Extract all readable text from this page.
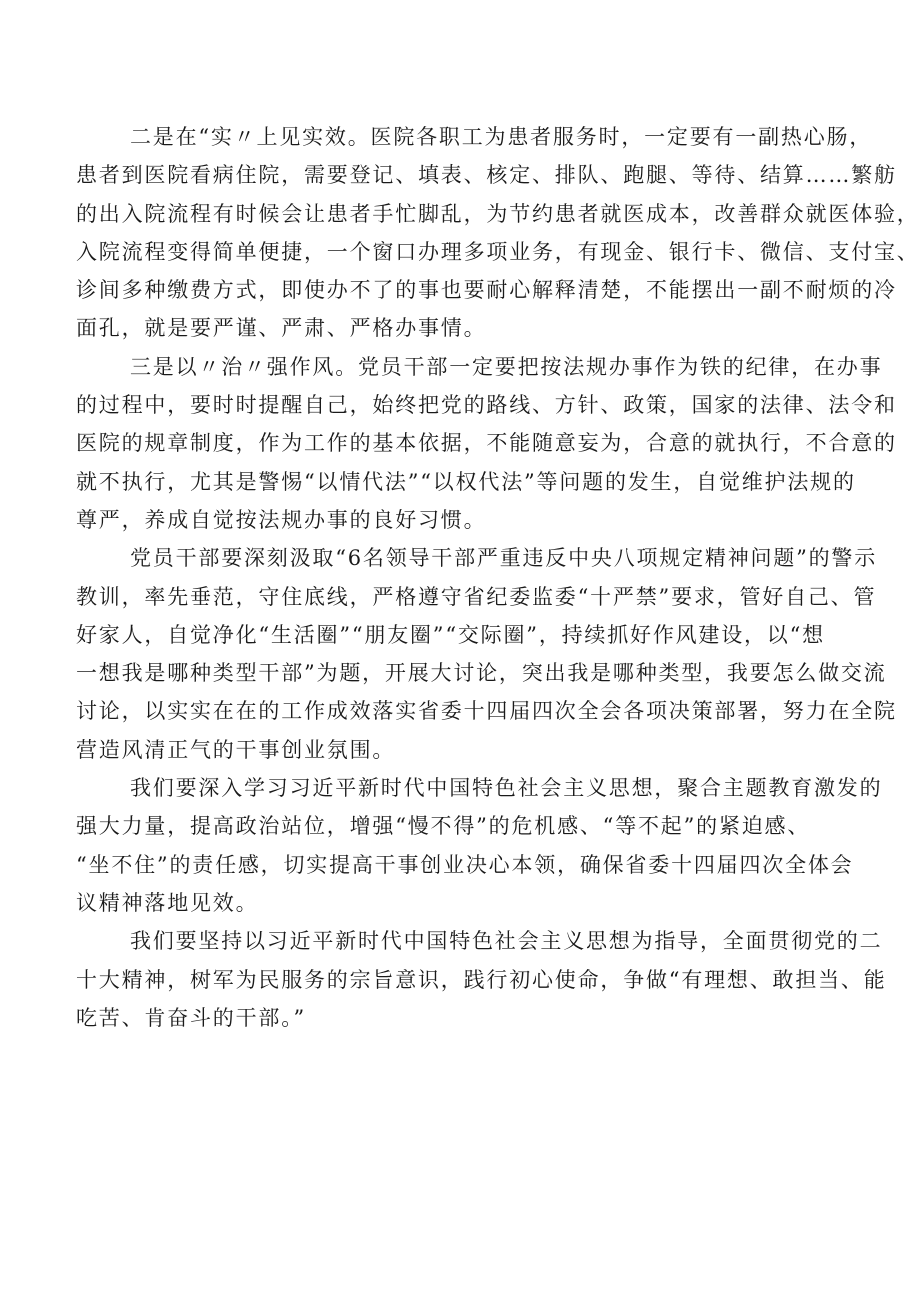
二是在“实〃上见实效。医院各职工为患者服务时，一定要有一副热心肠，
患者到医院看病住院，需要登记、填表、核定、排队、跑腿、等待、结算……繁舫
的出入院流程有时候会让患者手忙脚乱，为节约患者就医成本，改善群众就医体验，
入院流程变得简单便捷，一个窗口办理多项业务，有现金、银行卡、微信、支付宝、
诊间多种缴费方式，即使办不了的事也要耐心解释清楚，不能摆出一副不耐烦的冷
面孔，就是要严谨、严肃、严格办事情。
三是以〃治〃强作风。党员干部一定要把按法规办事作为铁的纪律，在办事
的过程中，要时时提醒自己，始终把党的路线、方针、政策，国家的法律、法令和
医院的规章制度，作为工作的基本依据，不能随意妄为，合意的就执行，不合意的
就不执行，尤其是警惕“以情代法”“以权代法”等问题的发生，自觉维护法规的
尊严，养成自觉按法规办事的良好习惯。
党员干部要深刻汲取“6名领导干部严重违反中央八项规定精神问题”的警示
教训，率先垂范，守住底线，严格遵守省纪委监委“十严禁”要求，管好自己、管
好家人，自觉净化“生活圈”“朋友圈”“交际圈”，持续抓好作风建设，以“想
一想我是哪种类型干部”为题，开展大讨论，突出我是哪种类型，我要怎么做交流
讨论，以实实在在的工作成效落实省委十四届四次全会各项决策部署，努力在全院
营造风清正气的干事创业氛围。
我们要深入学习习近平新时代中国特色社会主义思想，聚合主题教育激发的
强大力量，提高政治站位，增强“慢不得”的危机感、“等不起”的紧迫感、
“坐不住”的责任感，切实提高干事创业决心本领，确保省委十四届四次全体会
议精神落地见效。
我们要坚持以习近平新时代中国特色社会主义思想为指导，全面贯彻党的二
十大精神，树军为民服务的宗旨意识，践行初心使命，争做“有理想、敢担当、能
吃苦、肯奋斗的干部。”
